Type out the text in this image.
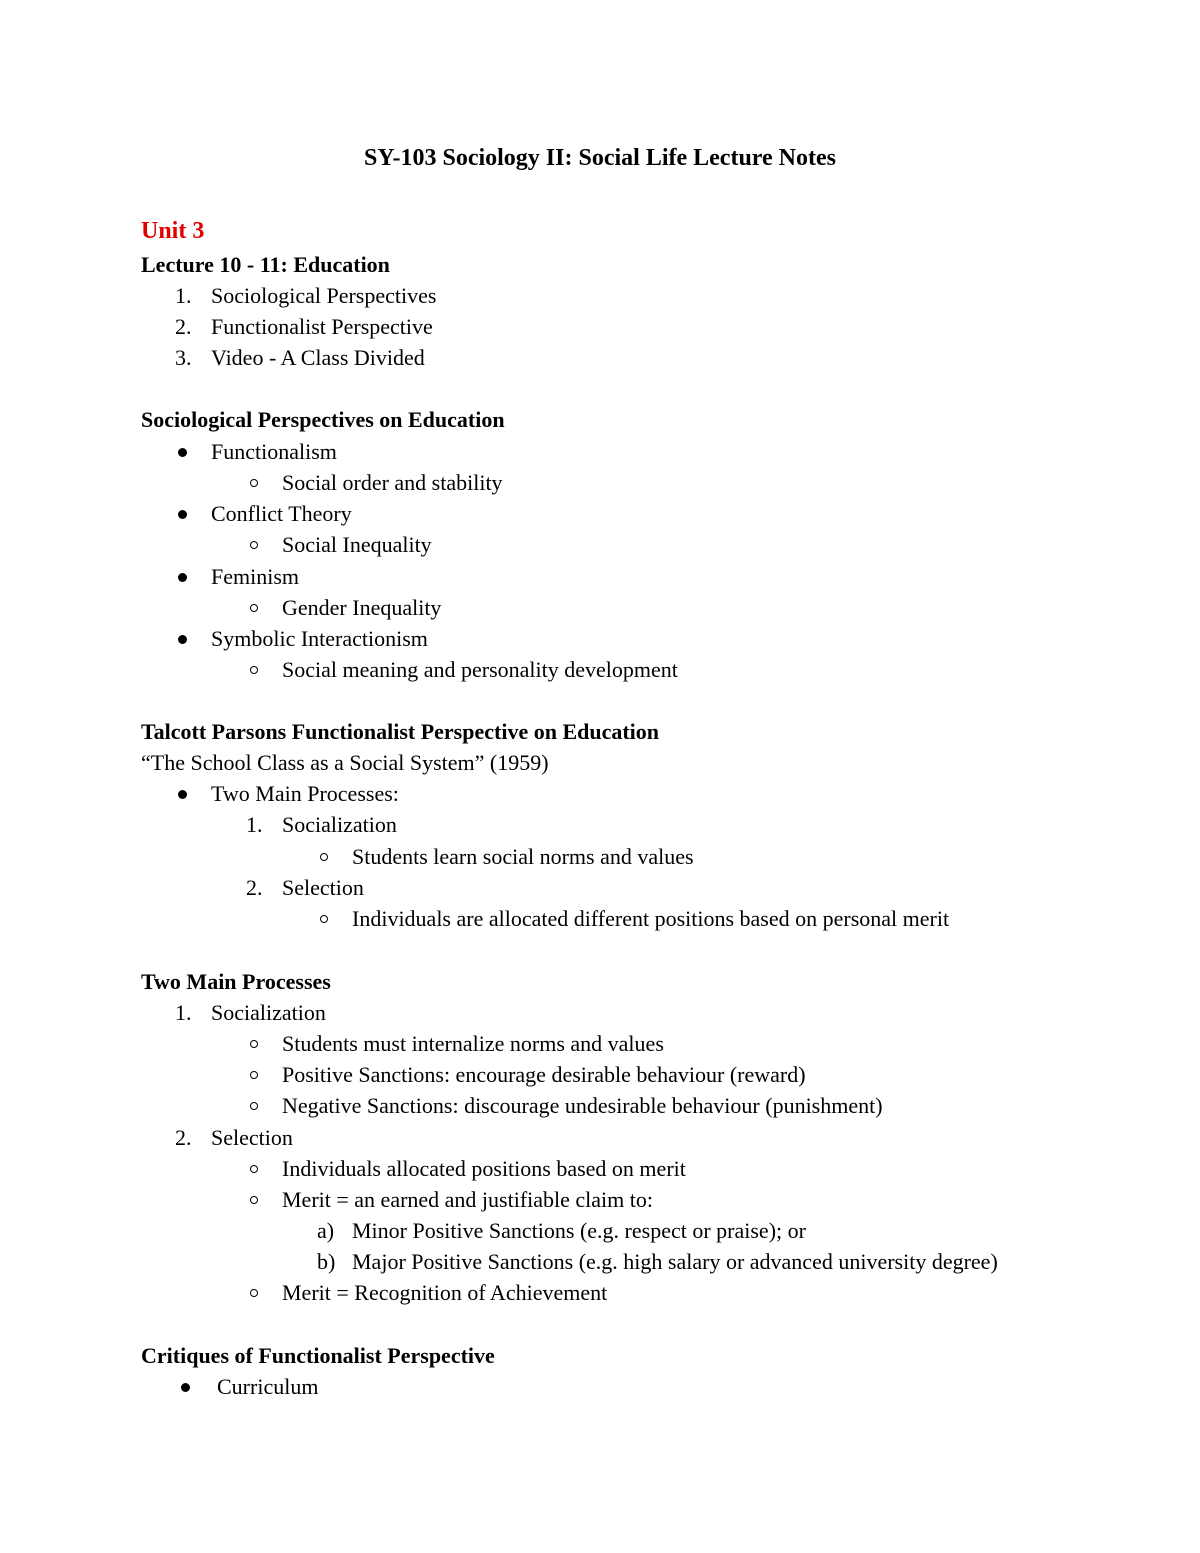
SY-103 Sociology II: Social Life Lecture Notes
Unit 3
Lecture 10 - 11: Education
1. Sociological Perspectives
2. Functionalist Perspective
3. Video - A Class Divided
Sociological Perspectives on Education
Functionalism
Social order and stability
Conflict Theory
Social Inequality
Feminism
Gender Inequality
Symbolic Interactionism
Social meaning and personality development
Talcott Parsons Functionalist Perspective on Education
“The School Class as a Social System” (1959)
Two Main Processes:
1. Socialization
Students learn social norms and values
2. Selection
Individuals are allocated different positions based on personal merit
Two Main Processes
1. Socialization
Students must internalize norms and values
Positive Sanctions: encourage desirable behaviour (reward)
Negative Sanctions: discourage undesirable behaviour (punishment)
2. Selection
Individuals allocated positions based on merit
Merit = an earned and justifiable claim to:
a) Minor Positive Sanctions (e.g. respect or praise); or
b) Major Positive Sanctions (e.g. high salary or advanced university degree)
Merit = Recognition of Achievement
Critiques of Functionalist Perspective
Curriculum
